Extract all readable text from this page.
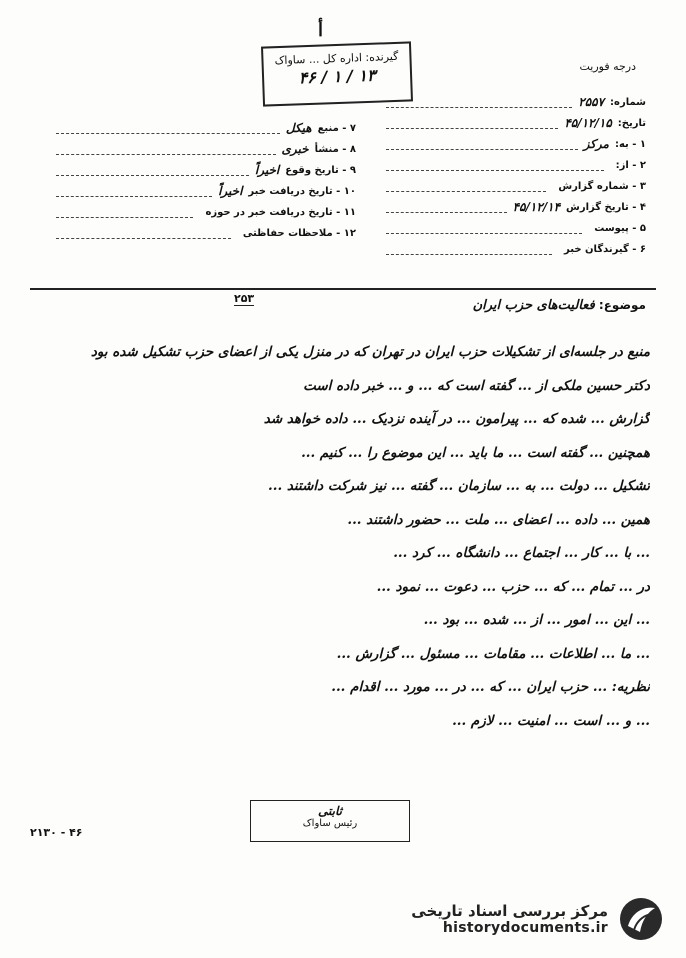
أ
گیرنده: اداره کل ... ساواک
۱۳ / ۱ / ۴۶	درجه فوریت
شماره:
۲۵۵۷
تاریخ:
۴۵/۱۲/۱۵
۱ - به:
مرکز
۲ - از:
۳ - شماره گزارش
۴ - تاریخ گزارش
۴۵/۱۲/۱۴
۵ - پیوست
۶ - گیرندگان خبر
۷ - منبع
هیکل
۸ - منشأ
خبری
۹ - تاریخ وقوع
اخیراً
۱۰ - تاریخ دریافت خبر
اخیراً
۱۱ - تاریخ دریافت خبر در حوزه
۱۲ - ملاحظات حفاظتی
۲۵۳	موضوع: فعالیت‌های حزب ایران

منبع در جلسه‌ای از تشکیلات حزب ایران در تهران که در منزل یکی از اعضای حزب تشکیل شده بود

دکتر حسین ملکی از ... گفته است که ... و ... خبر داده است

گزارش ... شده که ... پیرامون ... در آینده نزدیک ... داده خواهد شد

همچنین ... گفته است ... ما باید ... این موضوع را ... کنیم ...

تشکیل ... دولت ... به ... سازمان ... گفته ... نیز شرکت داشتند ...

همین ... داده ... اعضای ... ملت ... حضور داشتند ...

... با ... کار ... اجتماع ... دانشگاه ... کرد ...

در ... تمام ... که ... حزب ... دعوت ... نمود ...

... این ... امور ... از ... شده ... بود ...

... ما ... اطلاعات ... مقامات ... مسئول ... گزارش ...

نظریه: ... حزب ایران ... که ... در ... مورد ... اقدام ...

... و ... است ... امنیت ... لازم ...

ثابتی
رئیس ساواک
۴۶ - ۲۱۳۰
مرکز بررسی اسناد تاریخی
historydocuments.ir
